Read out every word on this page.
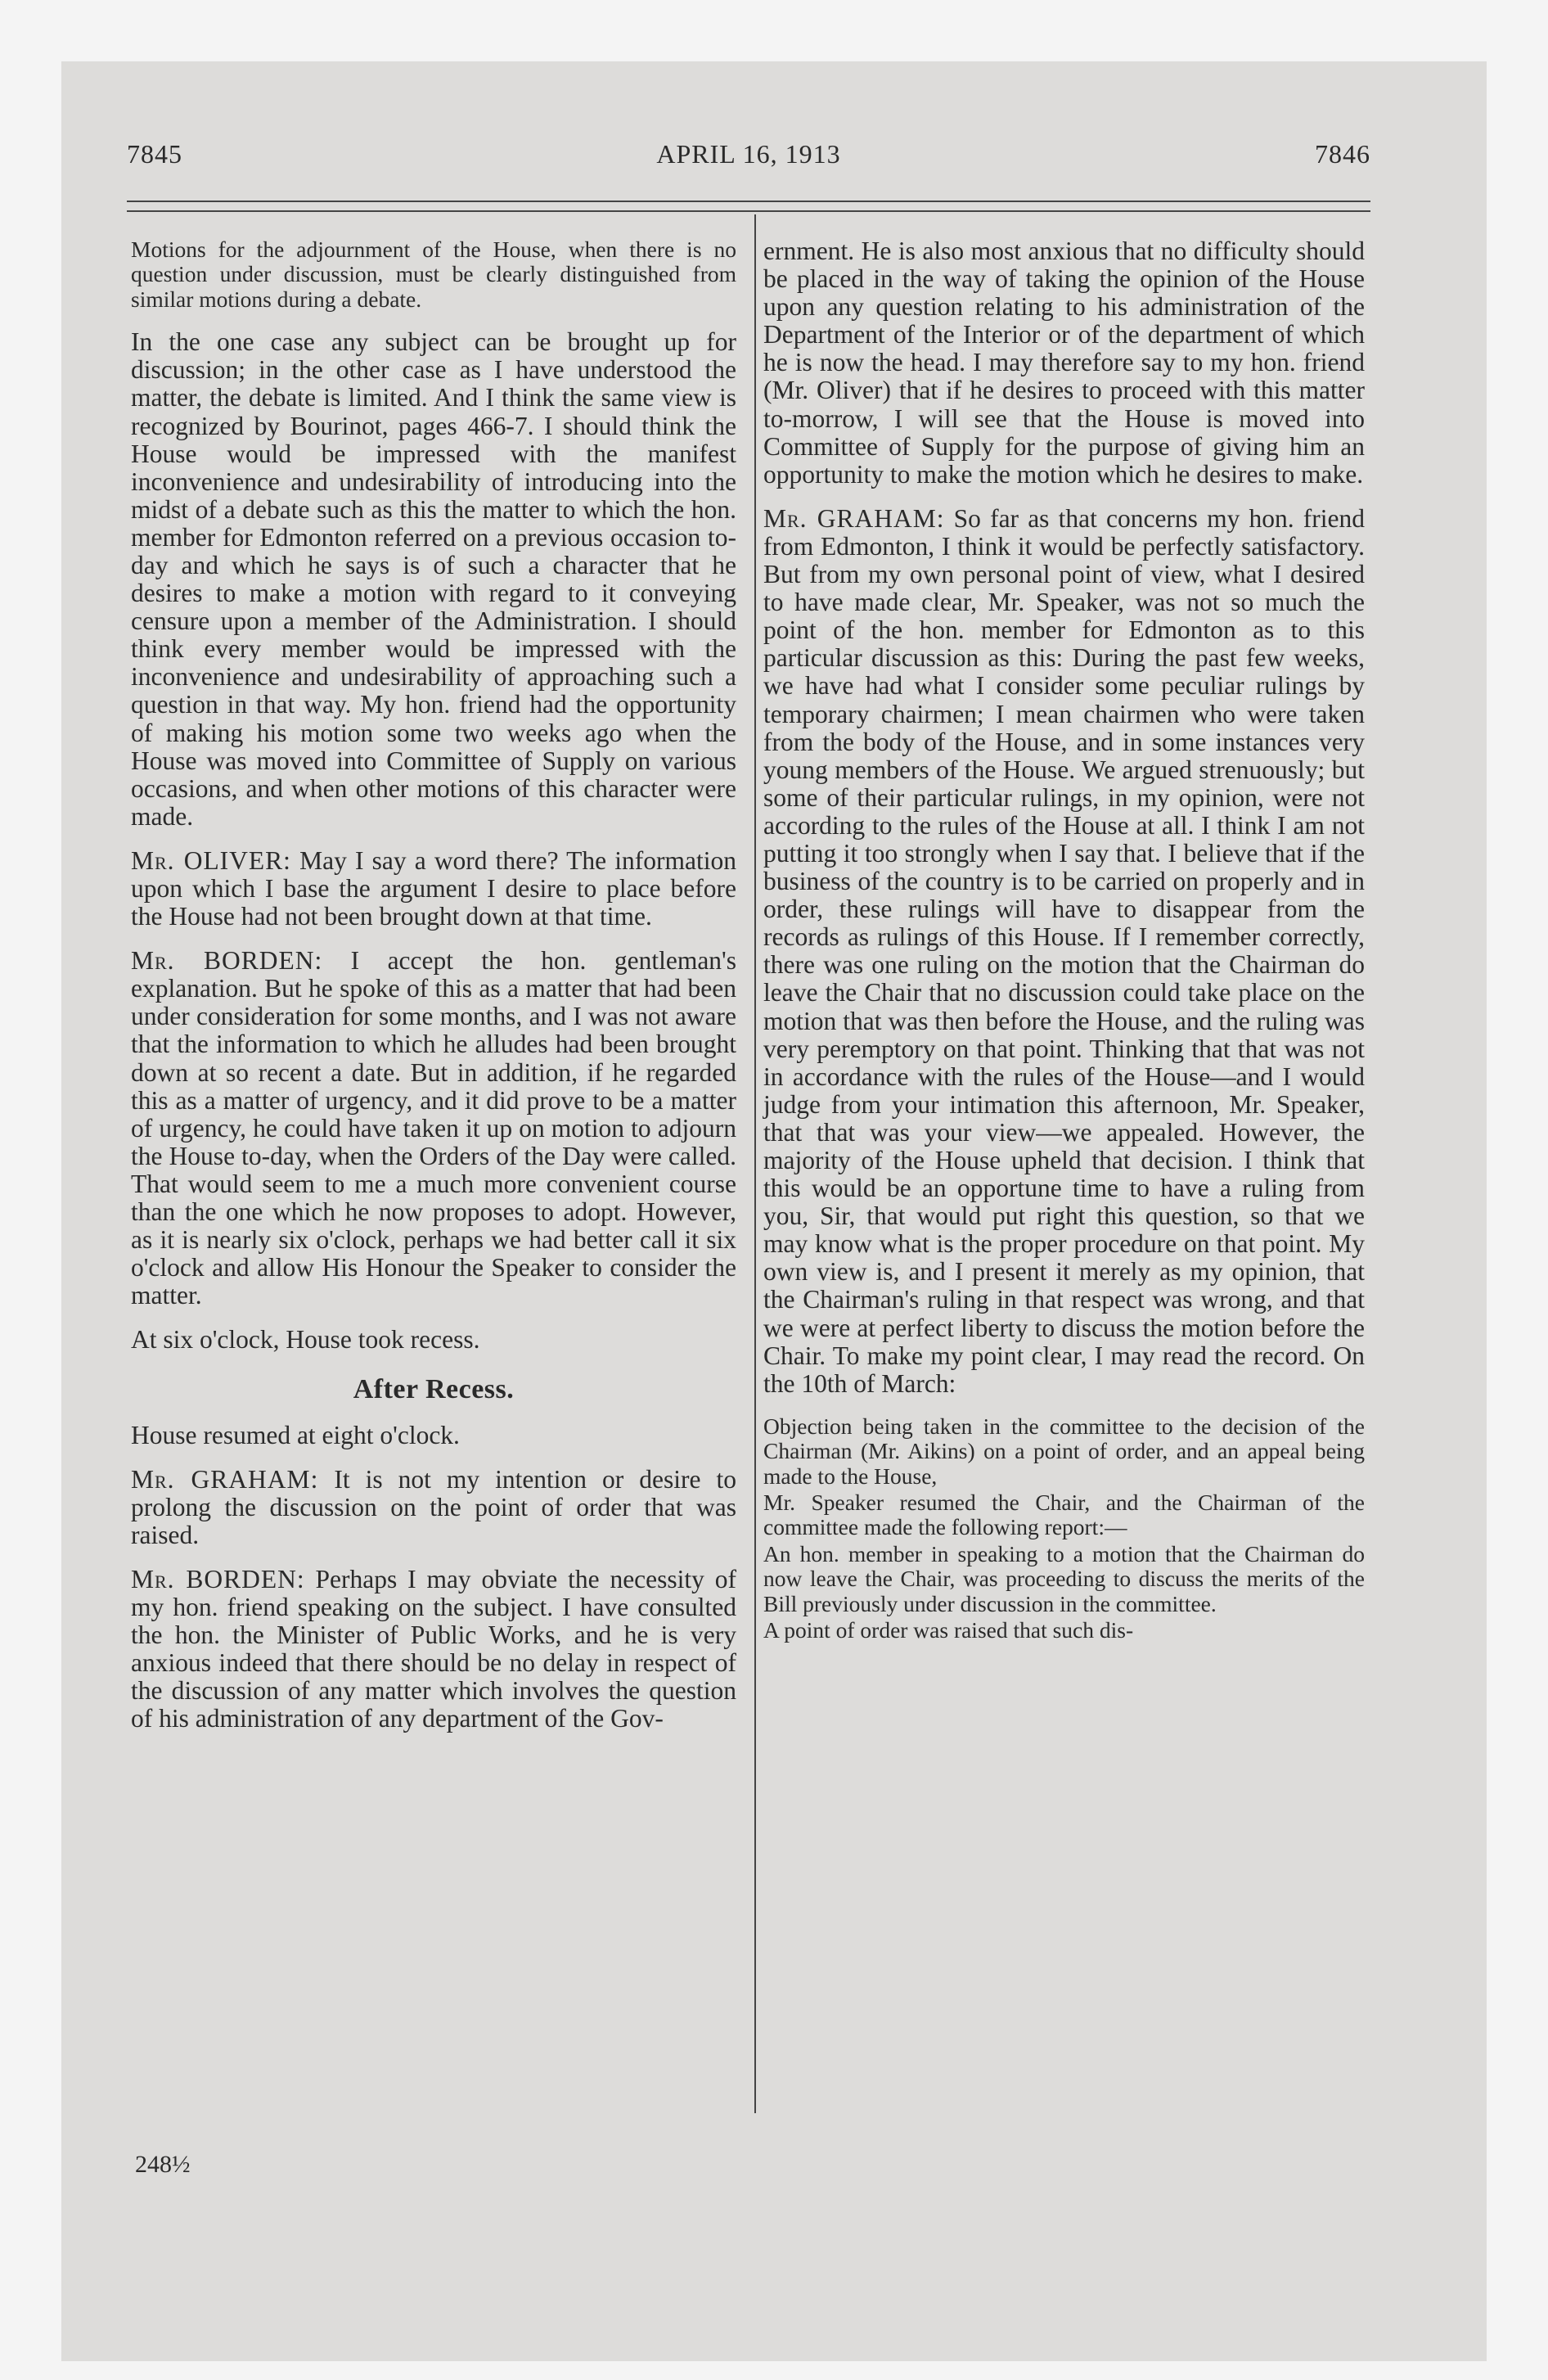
7845	APRIL 16, 1913	7846

Motions for the adjournment of the House, when there is no question under discussion, must be clearly distinguished from similar motions during a debate.

In the one case any subject can be brought up for discussion; in the other case as I have understood the matter, the debate is limited. And I think the same view is recognized by Bourinot, pages 466-7. I should think the House would be impressed with the manifest inconvenience and undesirability of introducing into the midst of a debate such as this the matter to which the hon. member for Edmonton referred on a previous occasion to-day and which he says is of such a character that he desires to make a motion with regard to it conveying censure upon a member of the Administration. I should think every member would be impressed with the inconvenience and undesirability of approaching such a question in that way. My hon. friend had the opportunity of making his motion some two weeks ago when the House was moved into Committee of Supply on various occasions, and when other motions of this character were made.

Mr. OLIVER: May I say a word there? The information upon which I base the argument I desire to place before the House had not been brought down at that time.

Mr. BORDEN: I accept the hon. gentleman's explanation. But he spoke of this as a matter that had been under consideration for some months, and I was not aware that the information to which he alludes had been brought down at so recent a date. But in addition, if he regarded this as a matter of urgency, and it did prove to be a matter of urgency, he could have taken it up on motion to adjourn the House to-day, when the Orders of the Day were called. That would seem to me a much more convenient course than the one which he now proposes to adopt. However, as it is nearly six o'clock, perhaps we had better call it six o'clock and allow His Honour the Speaker to consider the matter.

At six o'clock, House took recess.

After Recess.

House resumed at eight o'clock.

Mr. GRAHAM: It is not my intention or desire to prolong the discussion on the point of order that was raised.

Mr. BORDEN: Perhaps I may obviate the necessity of my hon. friend speaking on the subject. I have consulted the hon. the Minister of Public Works, and he is very anxious indeed that there should be no delay in respect of the discussion of any matter which involves the question of his administration of any department of the Gov-

ernment. He is also most anxious that no difficulty should be placed in the way of taking the opinion of the House upon any question relating to his administration of the Department of the Interior or of the department of which he is now the head. I may therefore say to my hon. friend (Mr. Oliver) that if he desires to proceed with this matter to-morrow, I will see that the House is moved into Committee of Supply for the purpose of giving him an opportunity to make the motion which he desires to make.

Mr. GRAHAM: So far as that concerns my hon. friend from Edmonton, I think it would be perfectly satisfactory. But from my own personal point of view, what I desired to have made clear, Mr. Speaker, was not so much the point of the hon. member for Edmonton as to this particular discussion as this: During the past few weeks, we have had what I consider some peculiar rulings by temporary chairmen; I mean chairmen who were taken from the body of the House, and in some instances very young members of the House. We argued strenuously; but some of their particular rulings, in my opinion, were not according to the rules of the House at all. I think I am not putting it too strongly when I say that. I believe that if the business of the country is to be carried on properly and in order, these rulings will have to disappear from the records as rulings of this House. If I remember correctly, there was one ruling on the motion that the Chairman do leave the Chair that no discussion could take place on the motion that was then before the House, and the ruling was very peremptory on that point. Thinking that that was not in accordance with the rules of the House—and I would judge from your intimation this afternoon, Mr. Speaker, that that was your view—we appealed. However, the majority of the House upheld that decision. I think that this would be an opportune time to have a ruling from you, Sir, that would put right this question, so that we may know what is the proper procedure on that point. My own view is, and I present it merely as my opinion, that the Chairman's ruling in that respect was wrong, and that we were at perfect liberty to discuss the motion before the Chair. To make my point clear, I may read the record. On the 10th of March:

Objection being taken in the committee to the decision of the Chairman (Mr. Aikins) on a point of order, and an appeal being made to the House,

Mr. Speaker resumed the Chair, and the Chairman of the committee made the following report:—

An hon. member in speaking to a motion that the Chairman do now leave the Chair, was proceeding to discuss the merits of the Bill previously under discussion in the committee.

A point of order was raised that such dis-

248½
